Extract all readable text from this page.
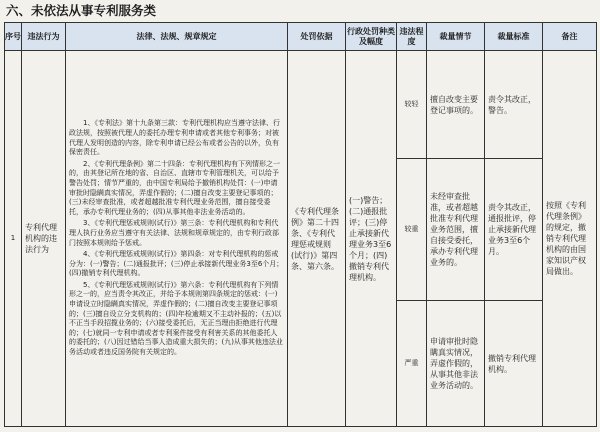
六、未依法从事专利服务类
序号	违法行为	法律、法规、规章规定	处罚依据	行政处罚种类及幅度	违法程度	裁量情节	裁量标准	备注
1	专利代理机构的违法行为	1、《专利法》第十九条第三款：专利代理机构应当遵守法律、行政法规，按照被代理人的委托办理专利申请或者其他专利事务；对被代理人发明创造的内容，除专利申请已经公布或者公告的以外，负有保密责任。

2、《专利代理条例》第二十四条：专利代理机构有下列情形之一的，由其登记所在地的省、自治区、直辖市专利管理机关，可以给予警告处罚；情节严重的，由中国专利局给予撤销机构处罚：(一)申请审批时隐瞒真实情况，弄虚作假的；(二)擅自改变主要登记事项的；(三)未经审查批准，或者超越批准专利代理业务范围，擅自接受委托，承办专利代理业务的；(四)从事其他非法业务活动的。

3、《专利代理惩戒规则(试行)》第三条：专利代理机构和专利代理人执行业务应当遵守有关法律、法规和规章规定的，由专利行政部门按照本规则给予惩戒。

4、《专利代理惩戒规则(试行)》第四条：对专利代理机构的惩戒分为：(一)警告；(二)通报批评；(三)停止承接新代理业务3至6个月；(四)撤销专利代理机构。

5、《专利代理惩戒规则(试行)》第六条：专利代理机构有下列情形之一的，应当责令其改正，并给予本规则第四条规定的惩戒：(一)申请设立时隐瞒真实情况，弄虚作假的；(二)擅自改变主要登记事项的；(三)擅自设立分支机构的；(四)年检逾期又不主动补报的；(五)以不正当手段招揽业务的；(六)接受委托后，无正当理由拒绝进行代理的；(七)就同一专利申请或者专利案件接受有利害关系的其他委托人的委托的；(八)因过错给当事人造成重大损失的；(九)从事其他违法业务活动或者违反国务院有关规定的。	《专利代理条例》第二十四条、《专利代理惩戒规则(试行)》第四条、第六条。	(一)警告；(二)通报批评；(三)停止承接新代理业务3至6个月；(四)撤销专利代理机构。	较轻	擅自改变主要登记事项的。	责令其改正，警告。	按照《专利代理条例》的规定，撤销专利代理机构的由国家知识产权局做出。
					较重	未经审查批准，或者超越批准专利代理业务范围，擅自接受委托，承办专利代理业务的。	责令其改正，通报批评，停止承接新代理业务3至6个月。	
					严重	申请审批时隐瞒真实情况，弄虚作假的，从事其他非法业务活动的。	撤销专利代理机构。	
